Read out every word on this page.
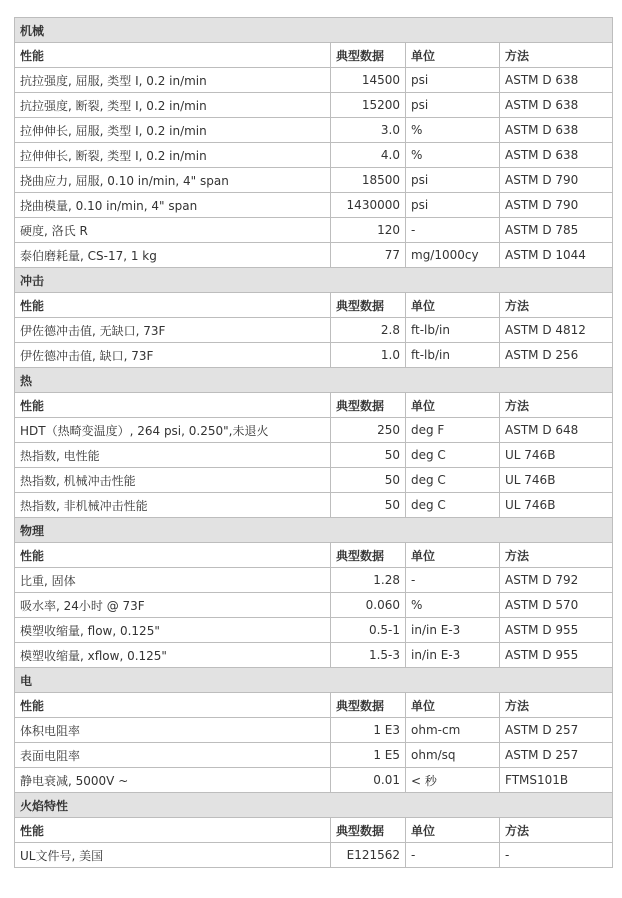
机械			
性能	典型数据	单位	方法
抗拉强度, 屈服, 类型 I, 0.2 in/min	14500	psi	ASTM D 638
抗拉强度, 断裂, 类型 I, 0.2 in/min	15200	psi	ASTM D 638
拉伸伸长, 屈服, 类型 I, 0.2 in/min	3.0	%	ASTM D 638
拉伸伸长, 断裂, 类型 I, 0.2 in/min	4.0	%	ASTM D 638
挠曲应力, 屈服, 0.10 in/min, 4" span	18500	psi	ASTM D 790
挠曲模量, 0.10 in/min, 4" span	1430000	psi	ASTM D 790
硬度, 洛氏 R	120	-	ASTM D 785
泰伯磨耗量, CS-17, 1 kg	77	mg/1000cy	ASTM D 1044
冲击			
性能	典型数据	单位	方法
伊佐德冲击值, 无缺口, 73F	2.8	ft-lb/in	ASTM D 4812
伊佐德冲击值, 缺口, 73F	1.0	ft-lb/in	ASTM D 256
热			
性能	典型数据	单位	方法
HDT（热畸变温度）, 264 psi, 0.250",未退火	250	deg F	ASTM D 648
热指数, 电性能	50	deg C	UL 746B
热指数, 机械冲击性能	50	deg C	UL 746B
热指数, 非机械冲击性能	50	deg C	UL 746B
物理			
性能	典型数据	单位	方法
比重, 固体	1.28	-	ASTM D 792
吸水率, 24小时 @ 73F	0.060	%	ASTM D 570
模塑收缩量, flow, 0.125"	0.5-1	in/in E-3	ASTM D 955
模塑收缩量, xflow, 0.125"	1.5-3	in/in E-3	ASTM D 955
电			
性能	典型数据	单位	方法
体积电阻率	1 E3	ohm-cm	ASTM D 257
表面电阻率	1 E5	ohm/sq	ASTM D 257
静电衰减, 5000V ~	0.01	< 秒	FTMS101B
火焰特性			
性能	典型数据	单位	方法
UL文件号, 美国	E121562	-	-
